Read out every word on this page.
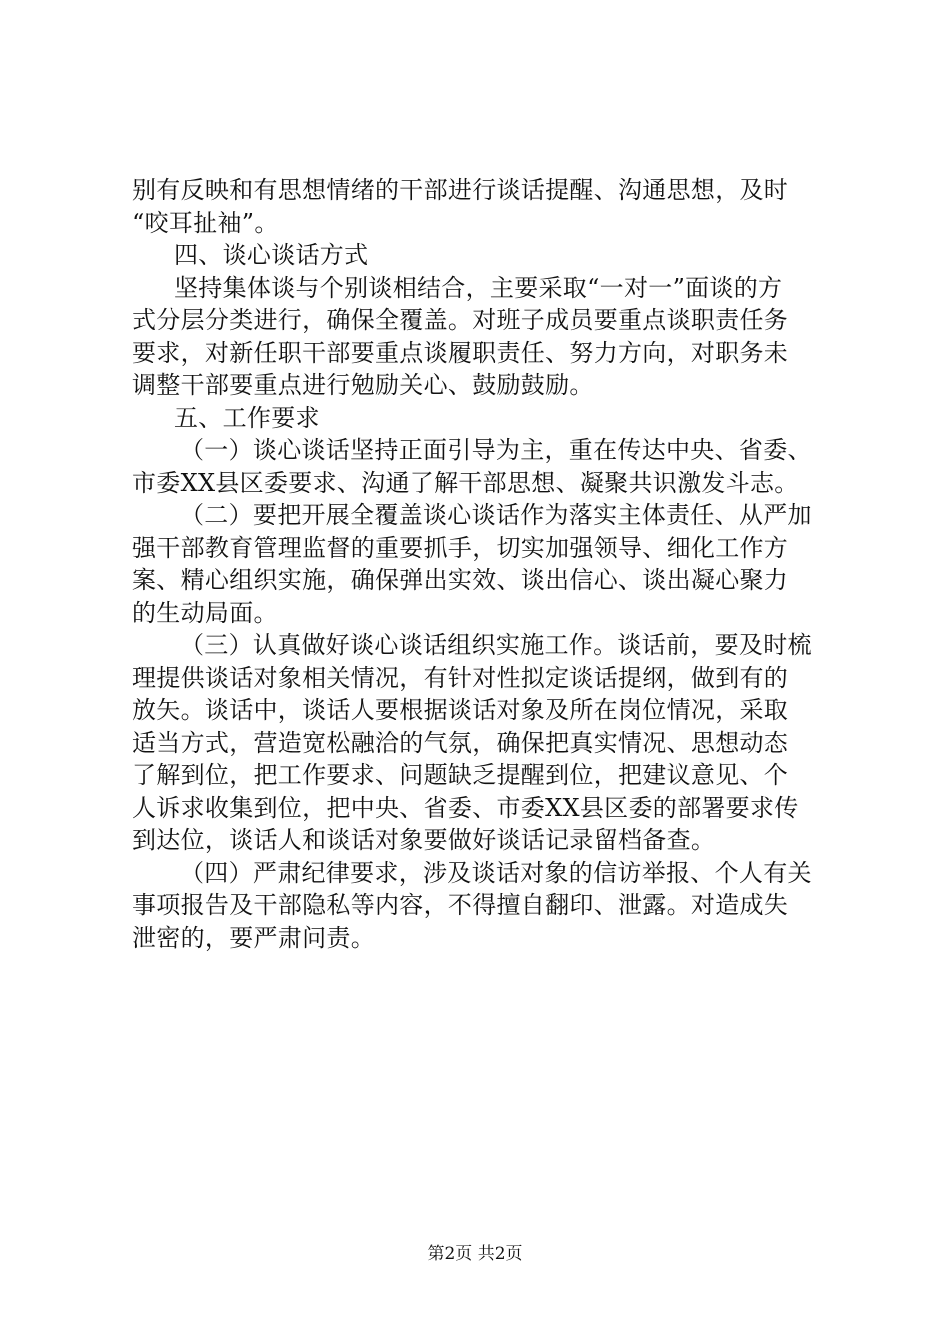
别有反映和有思想情绪的干部进行谈话提醒、沟通思想，及时
“咬耳扯袖”。
四、谈心谈话方式
坚持集体谈与个别谈相结合，主要采取“一对一”面谈的方
式分层分类进行，确保全覆盖。对班子成员要重点谈职责任务
要求，对新任职干部要重点谈履职责任、努力方向，对职务未
调整干部要重点进行勉励关心、鼓励鼓励。
五、工作要求
（一）谈心谈话坚持正面引导为主，重在传达中央、省委、
市委XX县区委要求、沟通了解干部思想、凝聚共识激发斗志。
（二）要把开展全覆盖谈心谈话作为落实主体责任、从严加
强干部教育管理监督的重要抓手，切实加强领导、细化工作方
案、精心组织实施，确保弹出实效、谈出信心、谈出凝心聚力
的生动局面。
（三）认真做好谈心谈话组织实施工作。谈话前，要及时梳
理提供谈话对象相关情况，有针对性拟定谈话提纲，做到有的
放矢。谈话中，谈话人要根据谈话对象及所在岗位情况，采取
适当方式，营造宽松融洽的气氛，确保把真实情况、思想动态
了解到位，把工作要求、问题缺乏提醒到位，把建议意见、个
人诉求收集到位，把中央、省委、市委XX县区委的部署要求传
到达位，谈话人和谈话对象要做好谈话记录留档备查。
（四）严肃纪律要求，涉及谈话对象的信访举报、个人有关
事项报告及干部隐私等内容，不得擅自翻印、泄露。对造成失
泄密的，要严肃问责。
第2页 共2页
